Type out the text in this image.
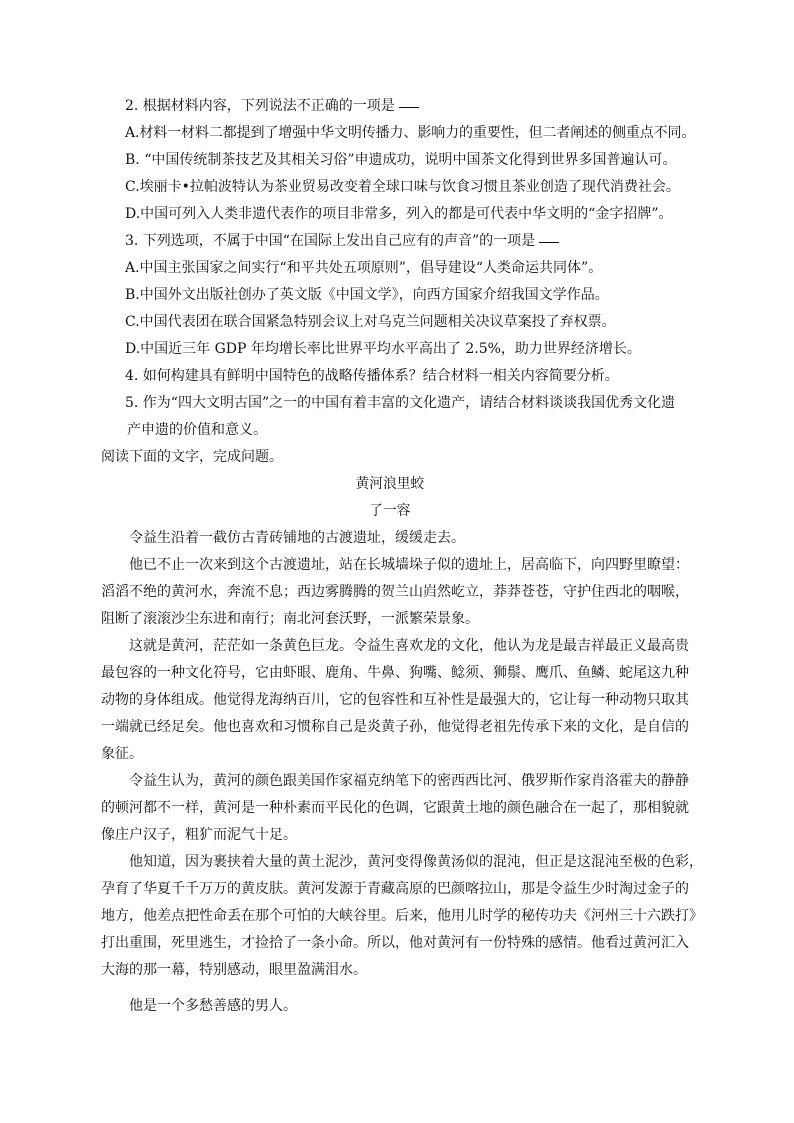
2. 根据材料内容，下列说法不正确的一项是
A.材料一材料二都提到了增强中华文明传播力、影响力的重要性，但二者阐述的侧重点不同。
B. “中国传统制茶技艺及其相关习俗”申遗成功，说明中国茶文化得到世界多国普遍认可。
C.埃丽卡•拉帕波特认为茶业贸易改变着全球口味与饮食习惯且茶业创造了现代消费社会。
D.中国可列入人类非遗代表作的项目非常多，列入的都是可代表中华文明的“金字招牌”。
3. 下列选项，不属于中国“在国际上发出自己应有的声音”的一项是
A.中国主张国家之间实行“和平共处五项原则”，倡导建设“人类命运共同体”。
B.中国外文出版社创办了英文版《中国文学》，向西方国家介绍我国文学作品。
C.中国代表团在联合国紧急特别会议上对乌克兰问题相关决议草案投了弃权票。
D.中国近三年 GDP 年均增长率比世界平均水平高出了 2.5%，助力世界经济增长。
4. 如何构建具有鲜明中国特色的战略传播体系？结合材料一相关内容简要分析。
5. 作为“四大文明古国”之一的中国有着丰富的文化遗产，请结合材料谈谈我国优秀文化遗
产申遗的价值和意义。
阅读下面的文字，完成问题。
黄河浪里蛟
了一容
令益生沿着一截仿古青砖铺地的古渡遗址，缓缓走去。
他已不止一次来到这个古渡遗址，站在长城墙垛子似的遗址上，居高临下，向四野里瞭望：
滔滔不绝的黄河水，奔流不息；西边雾腾腾的贺兰山岿然屹立，莽莽苍苍，守护住西北的咽喉，
阻断了滚滚沙尘东进和南行；南北河套沃野，一派繁荣景象。
这就是黄河，茫茫如一条黄色巨龙。令益生喜欢龙的文化，他认为龙是最吉祥最正义最高贵
最包容的一种文化符号，它由虾眼、鹿角、牛鼻、狗嘴、鲶须、狮鬃、鹰爪、鱼鳞、蛇尾这九种
动物的身体组成。他觉得龙海纳百川，它的包容性和互补性是最强大的，它让每一种动物只取其
一端就已经足矣。他也喜欢和习惯称自己是炎黄子孙，他觉得老祖先传承下来的文化，是自信的
象征。
令益生认为，黄河的颜色跟美国作家福克纳笔下的密西西比河、俄罗斯作家肖洛霍夫的静静
的顿河都不一样，黄河是一种朴素而平民化的色调，它跟黄土地的颜色融合在一起了，那相貌就
像庄户汉子，粗犷而泥气十足。
他知道，因为裹挟着大量的黄土泥沙，黄河变得像黄汤似的混沌，但正是这混沌至极的色彩，
孕育了华夏千千万万的黄皮肤。黄河发源于青藏高原的巴颜喀拉山，那是令益生少时淘过金子的
地方，他差点把性命丢在那个可怕的大峡谷里。后来，他用儿时学的秘传功夫《河州三十六跌打》
打出重围，死里逃生，才捡拾了一条小命。所以，他对黄河有一份特殊的感情。他看过黄河汇入
大海的那一幕，特别感动，眼里盈满泪水。
他是一个多愁善感的男人。
